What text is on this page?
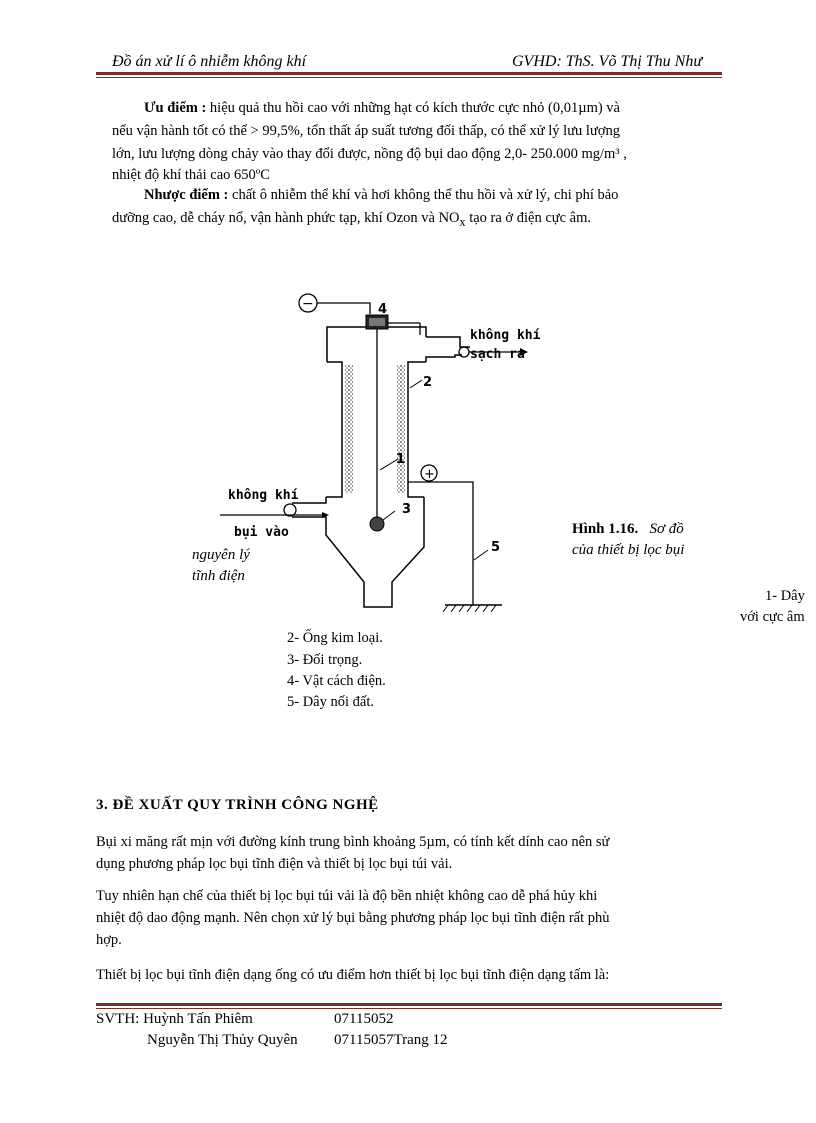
Đồ án xử lí ô nhiễm không khí	GVHD: ThS. Võ Thị Thu Như
Ưu điểm : hiệu quả thu hồi cao với những hạt có kích thước cực nhỏ (0,01µm) và
nếu vận hành tốt có thể > 99,5%, tổn thất áp suất tương đối thấp, có thể xử lý lưu lượng
lớn, lưu lượng dòng chảy vào thay đổi được, nồng độ bụi dao động 2,0- 250.000 mg/m³ ,
nhiệt độ khí thải cao 650ºC
Nhược điểm : chất ô nhiễm thể khí và hơi không thể thu hồi và xử lý, chi phí bảo
dưỡng cao, dễ cháy nổ, vận hành phức tạp, khí Ozon và $NO_x$ tạo ra ở điện cực âm.
−
+
4
2
1
3
5
không khí
sạch ra
không khí
bụi vào
nguyên lý
tĩnh điện
Hình 1.16. Sơ đồ
của thiết bị lọc bụi
1- Dây
với cực âm
2- Ống kim loại.
3- Đối trọng.
4- Vật cách điện.
5- Dây nối đất.
3. ĐỀ XUẤT QUY TRÌNH CÔNG NGHỆ
Bụi xi măng rất mịn với đường kính trung bình khoảng 5µm, có tính kết dính cao nên sử
dụng phương pháp lọc bụi tĩnh điện và thiết bị lọc bụi túi vải.
Tuy nhiên hạn chế của thiết bị lọc bụi túi vải là độ bền nhiệt không cao dễ phá hủy khi
nhiệt độ dao động mạnh. Nên chọn xử lý bụi bằng phương pháp lọc bụi tĩnh điện rất phù
hợp.
Thiết bị lọc bụi tĩnh điện dạng ống có ưu điểm hơn thiết bị lọc bụi tĩnh điện dạng tấm là:
SVTH: Huỳnh Tấn Phiêm	07115052
Nguyễn Thị Thủy Quyên 07115057Trang 12
